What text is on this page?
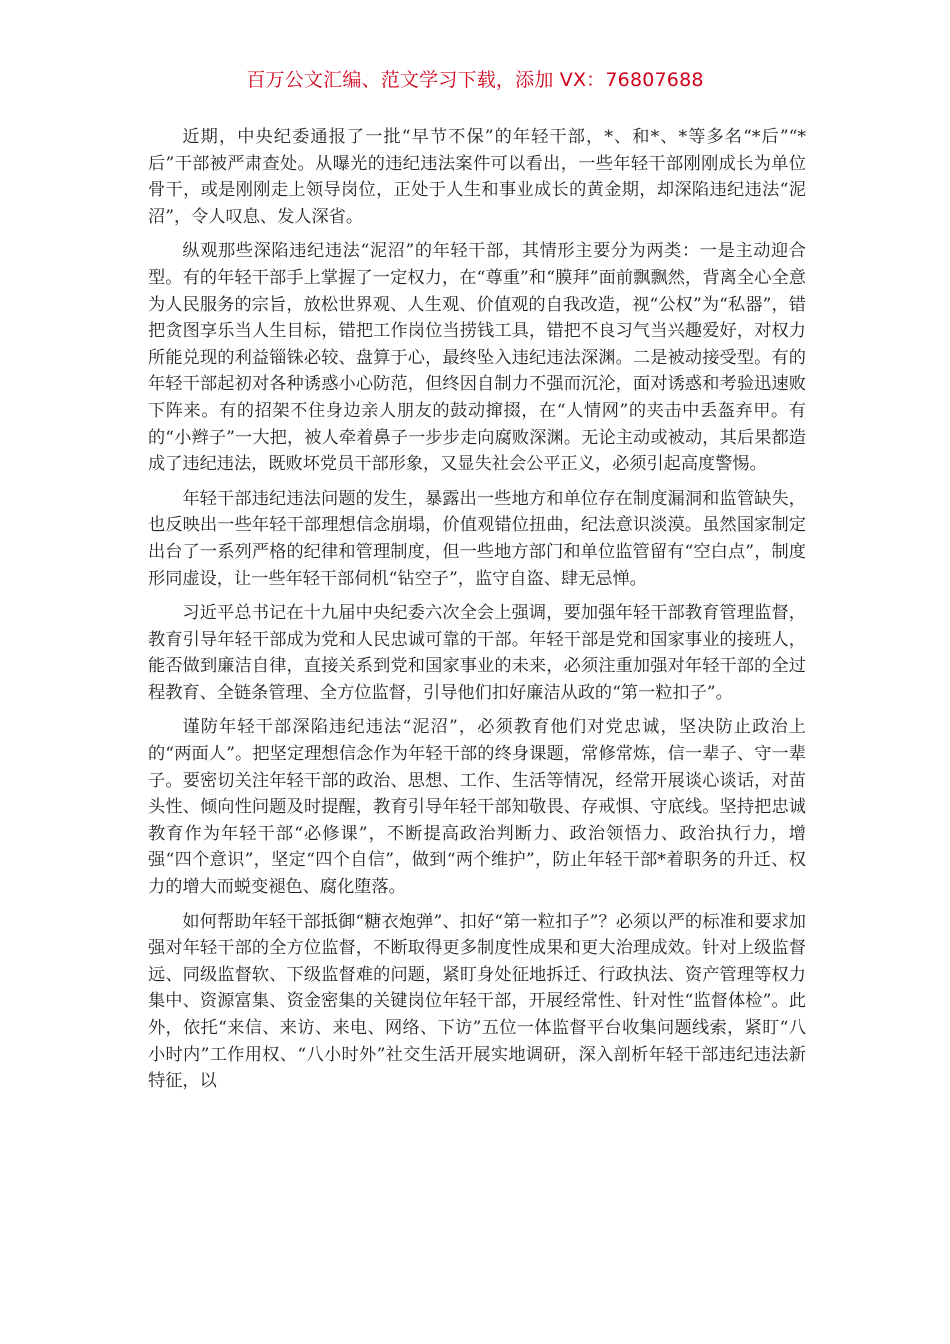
百万公文汇编、范文学习下载，添加 VX：76807688

近期，中央纪委通报了一批“早节不保”的年轻干部，*、和*、*等多名“*后”“*后”干部被严肃查处。从曝光的违纪违法案件可以看出，一些年轻干部刚刚成长为单位骨干，或是刚刚走上领导岗位，正处于人生和事业成长的黄金期，却深陷违纪违法“泥沼”，令人叹息、发人深省。

纵观那些深陷违纪违法“泥沼”的年轻干部，其情形主要分为两类：一是主动迎合型。有的年轻干部手上掌握了一定权力，在“尊重”和“膜拜”面前飘飘然，背离全心全意为人民服务的宗旨，放松世界观、人生观、价值观的自我改造，视“公权”为“私器”，错把贪图享乐当人生目标，错把工作岗位当捞钱工具，错把不良习气当兴趣爱好，对权力所能兑现的利益锱铢必较、盘算于心，最终坠入违纪违法深渊。二是被动接受型。有的年轻干部起初对各种诱惑小心防范，但终因自制力不强而沉沦，面对诱惑和考验迅速败下阵来。有的招架不住身边亲人朋友的鼓动撺掇，在“人情网”的夹击中丢盔弃甲。有的“小辫子”一大把，被人牵着鼻子一步步走向腐败深渊。无论主动或被动，其后果都造成了违纪违法，既败坏党员干部形象，又显失社会公平正义，必须引起高度警惕。

年轻干部违纪违法问题的发生，暴露出一些地方和单位存在制度漏洞和监管缺失，也反映出一些年轻干部理想信念崩塌，价值观错位扭曲，纪法意识淡漠。虽然国家制定出台了一系列严格的纪律和管理制度，但一些地方部门和单位监管留有“空白点”，制度形同虚设，让一些年轻干部伺机“钻空子”，监守自盗、肆无忌惮。

习近平总书记在十九届中央纪委六次全会上强调，要加强年轻干部教育管理监督，教育引导年轻干部成为党和人民忠诚可靠的干部。年轻干部是党和国家事业的接班人，能否做到廉洁自律，直接关系到党和国家事业的未来，必须注重加强对年轻干部的全过程教育、全链条管理、全方位监督，引导他们扣好廉洁从政的“第一粒扣子”。

谨防年轻干部深陷违纪违法“泥沼”，必须教育他们对党忠诚，坚决防止政治上的“两面人”。把坚定理想信念作为年轻干部的终身课题，常修常炼，信一辈子、守一辈子。要密切关注年轻干部的政治、思想、工作、生活等情况，经常开展谈心谈话，对苗头性、倾向性问题及时提醒，教育引导年轻干部知敬畏、存戒惧、守底线。坚持把忠诚教育作为年轻干部“必修课”，不断提高政治判断力、政治领悟力、政治执行力，增强“四个意识”，坚定“四个自信”，做到“两个维护”，防止年轻干部*着职务的升迁、权力的增大而蜕变褪色、腐化堕落。

如何帮助年轻干部抵御“糖衣炮弹”、扣好“第一粒扣子”？必须以严的标准和要求加强对年轻干部的全方位监督，不断取得更多制度性成果和更大治理成效。针对上级监督远、同级监督软、下级监督难的问题，紧盯身处征地拆迁、行政执法、资产管理等权力集中、资源富集、资金密集的关键岗位年轻干部，开展经常性、针对性“监督体检”。此外，依托“来信、来访、来电、网络、下访”五位一体监督平台收集问题线索，紧盯“八小时内”工作用权、“八小时外”社交生活开展实地调研，深入剖析年轻干部违纪违法新特征，以
